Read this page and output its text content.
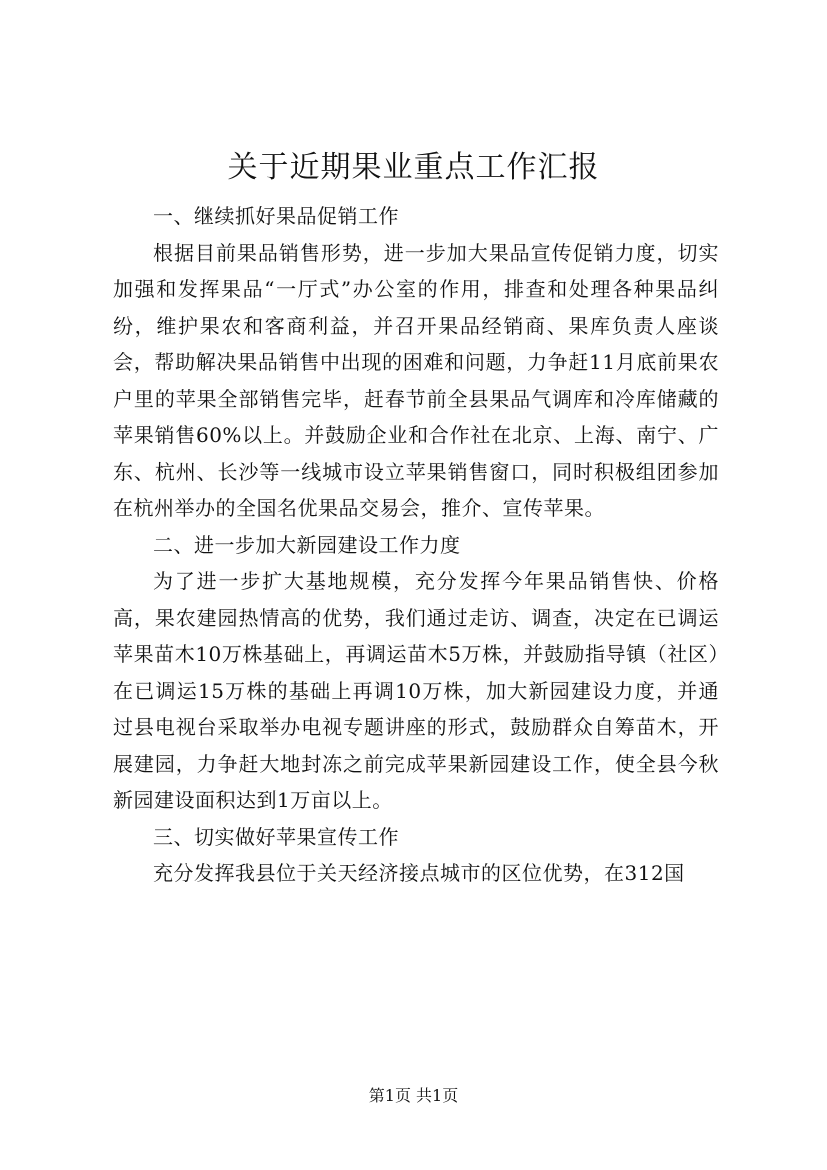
关于近期果业重点工作汇报

一、继续抓好果品促销工作

根据目前果品销售形势，进一步加大果品宣传促销力度，切实加强和发挥果品“一厅式”办公室的作用，排查和处理各种果品纠纷，维护果农和客商利益，并召开果品经销商、果库负责人座谈会，帮助解决果品销售中出现的困难和问题，力争赶11月底前果农户里的苹果全部销售完毕，赶春节前全县果品气调库和冷库储藏的苹果销售60%以上。并鼓励企业和合作社在北京、上海、南宁、广东、杭州、长沙等一线城市设立苹果销售窗口，同时积极组团参加在杭州举办的全国名优果品交易会，推介、宣传苹果。

二、进一步加大新园建设工作力度

为了进一步扩大基地规模，充分发挥今年果品销售快、价格高，果农建园热情高的优势，我们通过走访、调查，决定在已调运苹果苗木10万株基础上，再调运苗木5万株，并鼓励指导镇（社区）在已调运15万株的基础上再调10万株，加大新园建设力度，并通过县电视台采取举办电视专题讲座的形式，鼓励群众自筹苗木，开展建园，力争赶大地封冻之前完成苹果新园建设工作，使全县今秋新园建设面积达到1万亩以上。

三、切实做好苹果宣传工作

充分发挥我县位于关天经济接点城市的区位优势，在312国

第1页 共1页
